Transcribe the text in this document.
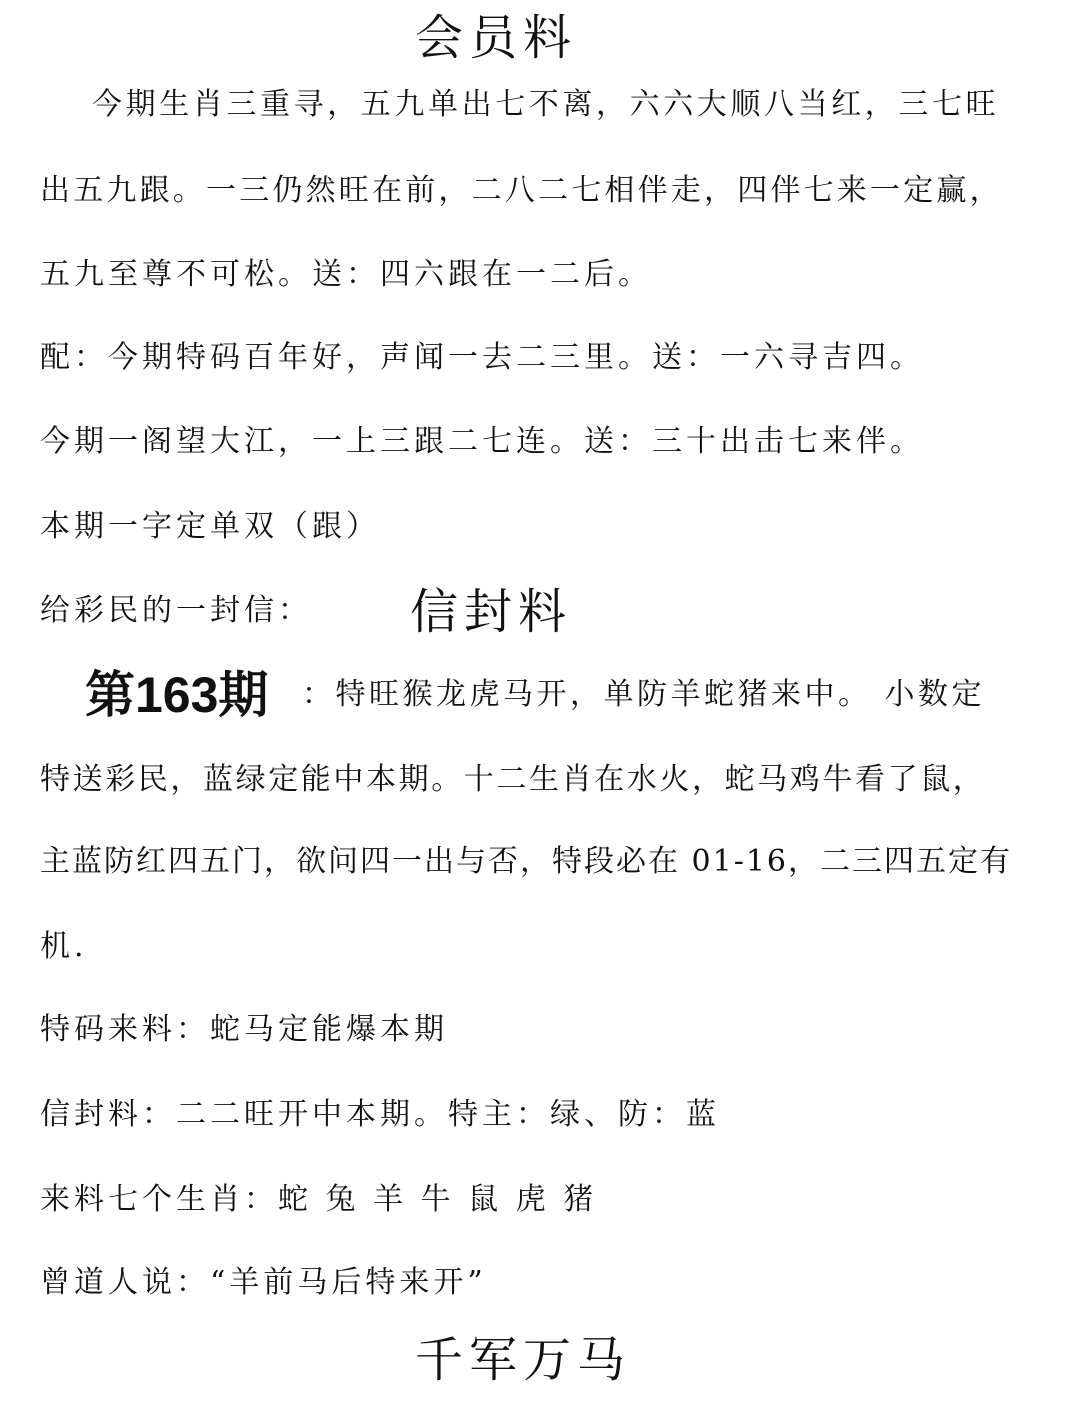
会员料
今期生肖三重寻，五九单出七不离，六六大顺八当红，三七旺
出五九跟。一三仍然旺在前，二八二七相伴走，四伴七来一定赢，
五九至尊不可松。送：四六跟在一二后。
配：今期特码百年好，声闻一去二三里。送：一六寻吉四。
今期一阁望大江，一上三跟二七连。送：三十出击七来伴。
本期一字定单双（跟）
给彩民的一封信： 信封料
第163期 ：特旺猴龙虎马开，单防羊蛇猪来中。 小数定
特送彩民，蓝绿定能中本期。十二生肖在水火，蛇马鸡牛看了鼠，
主蓝防红四五门，欲问四一出与否，特段必在 01-16，二三四五定有
机.
特码来料：蛇马定能爆本期
信封料：二二旺开中本期。特主：绿、防：蓝
来料七个生肖：蛇 兔 羊 牛 鼠 虎 猪
曾道人说：“羊前马后特来开”
千军万马
